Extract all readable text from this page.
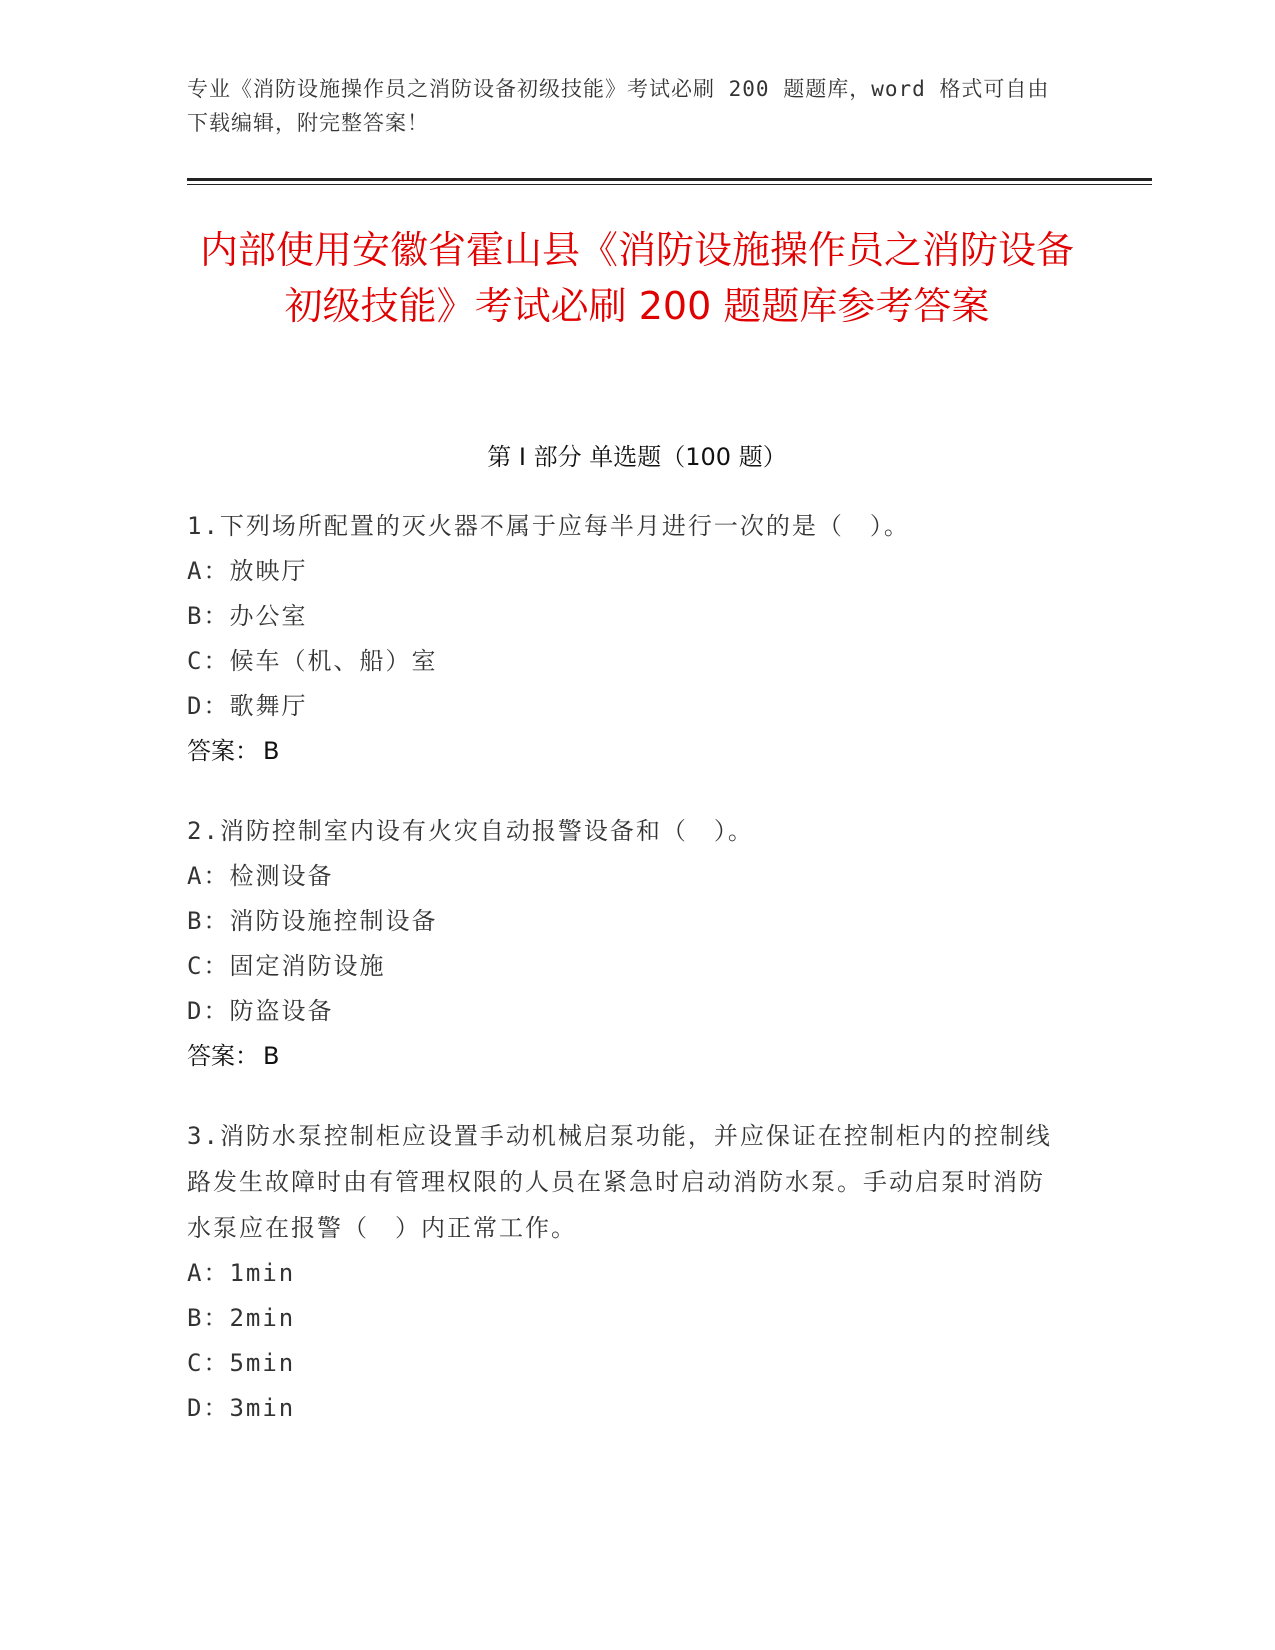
专业《消防设施操作员之消防设备初级技能》考试必刷 200 题题库，word 格式可自由下载编辑，附完整答案！
内部使用安徽省霍山县《消防设施操作员之消防设备初级技能》考试必刷 200 题题库参考答案
第 I 部分 单选题（100 题）

1.下列场所配置的灭火器不属于应每半月进行一次的是（　）。

A：放映厅

B：办公室

C：候车（机、船）室

D：歌舞厅

答案： B

2.消防控制室内设有火灾自动报警设备和（　）。

A：检测设备

B：消防设施控制设备

C：固定消防设施

D：防盗设备

答案： B

3.消防水泵控制柜应设置手动机械启泵功能，并应保证在控制柜内的控制线路发生故障时由有管理权限的人员在紧急时启动消防水泵。手动启泵时消防水泵应在报警（　）内正常工作。

A：1min

B：2min

C：5min

D：3min
